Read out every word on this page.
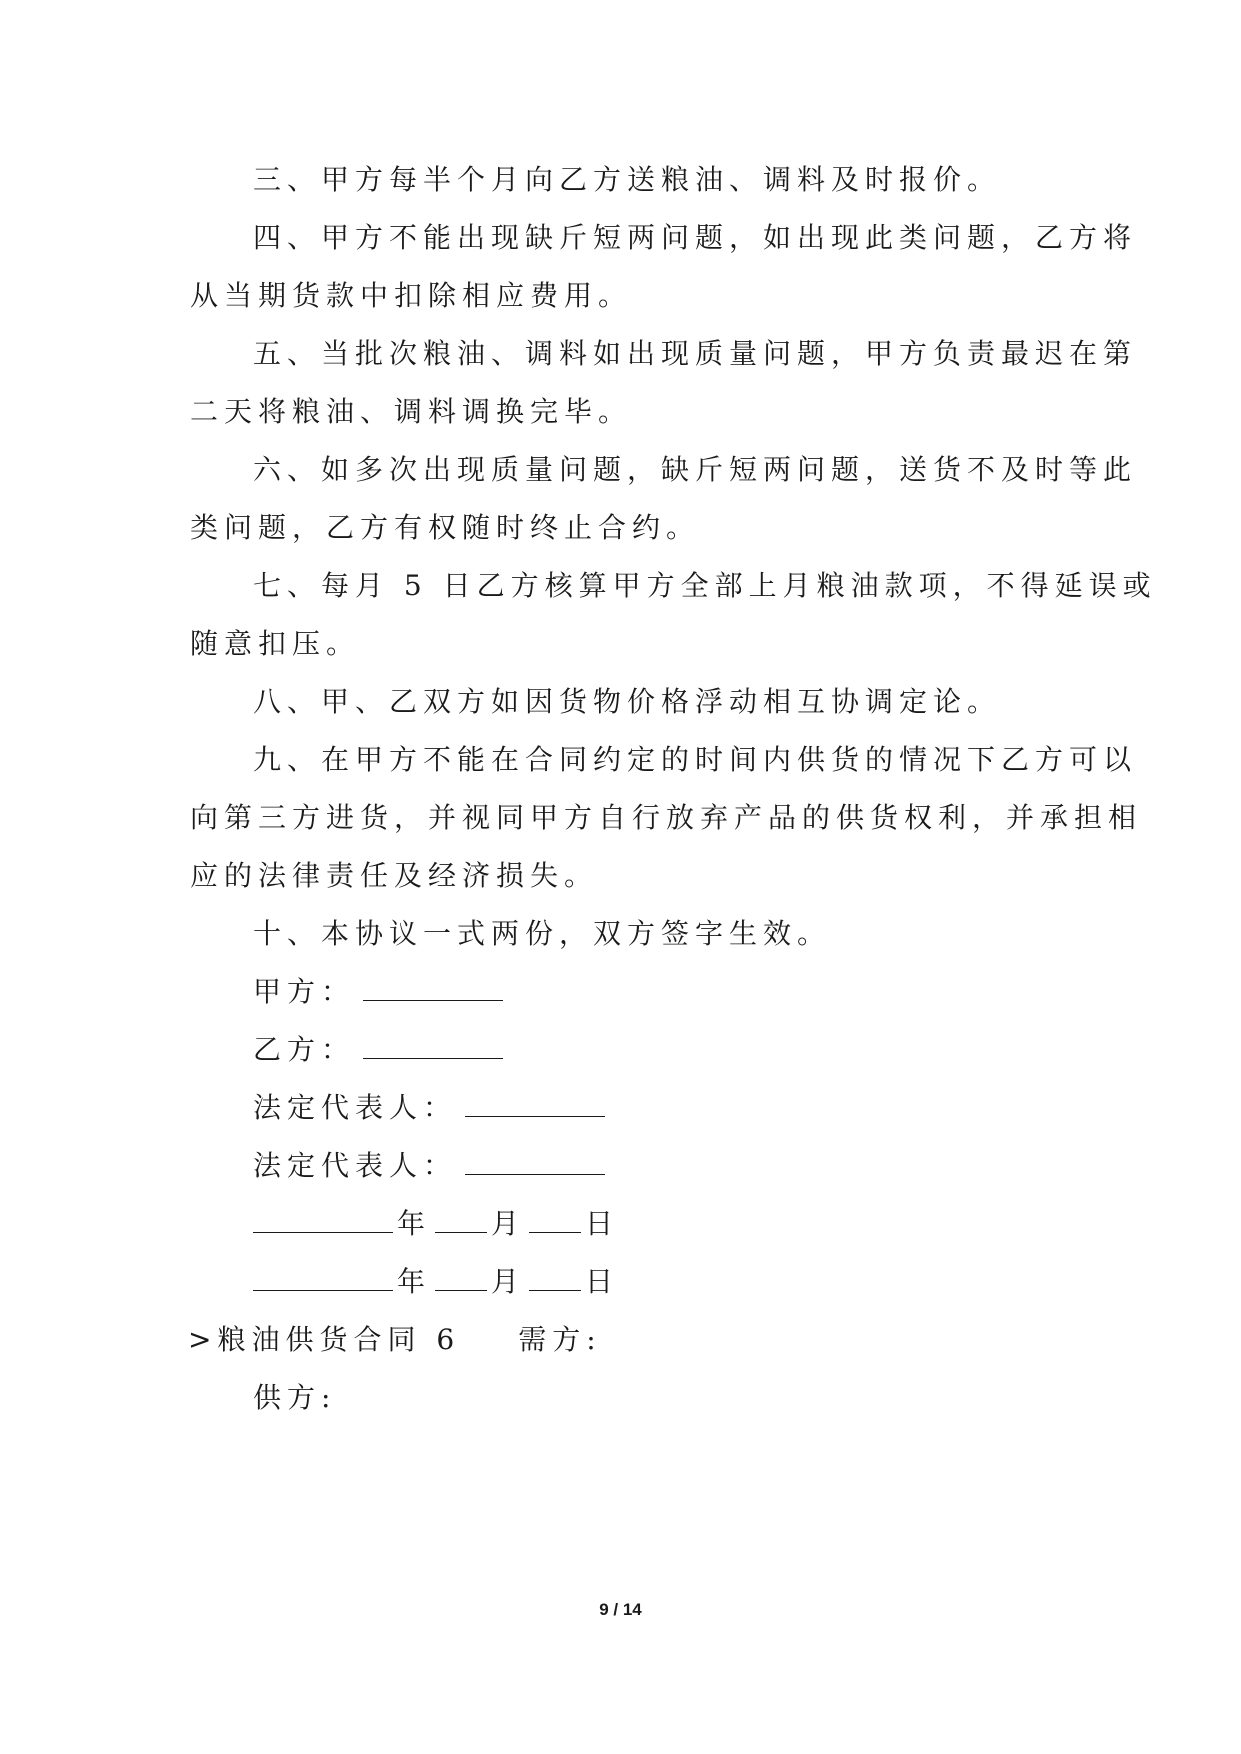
三、甲方每半个月向乙方送粮油、调料及时报价。
四、甲方不能出现缺斤短两问题，如出现此类问题，乙方将
从当期货款中扣除相应费用。
五、当批次粮油、调料如出现质量问题，甲方负责最迟在第
二天将粮油、调料调换完毕。
六、如多次出现质量问题，缺斤短两问题，送货不及时等此
类问题，乙方有权随时终止合约。
七、每月 5 日乙方核算甲方全部上月粮油款项，不得延误或
随意扣压。
八、甲、乙双方如因货物价格浮动相互协调定论。
九、在甲方不能在合同约定的时间内供货的情况下乙方可以
向第三方进货，并视同甲方自行放弃产品的供货权利，并承担相
应的法律责任及经济损失。
十、本协议一式两份，双方签字生效。
甲方：
乙方：
法定代表人：
法定代表人：
年 月 日
年 月 日
>粮油供货合同 6 需方:
供方:
9 / 14
